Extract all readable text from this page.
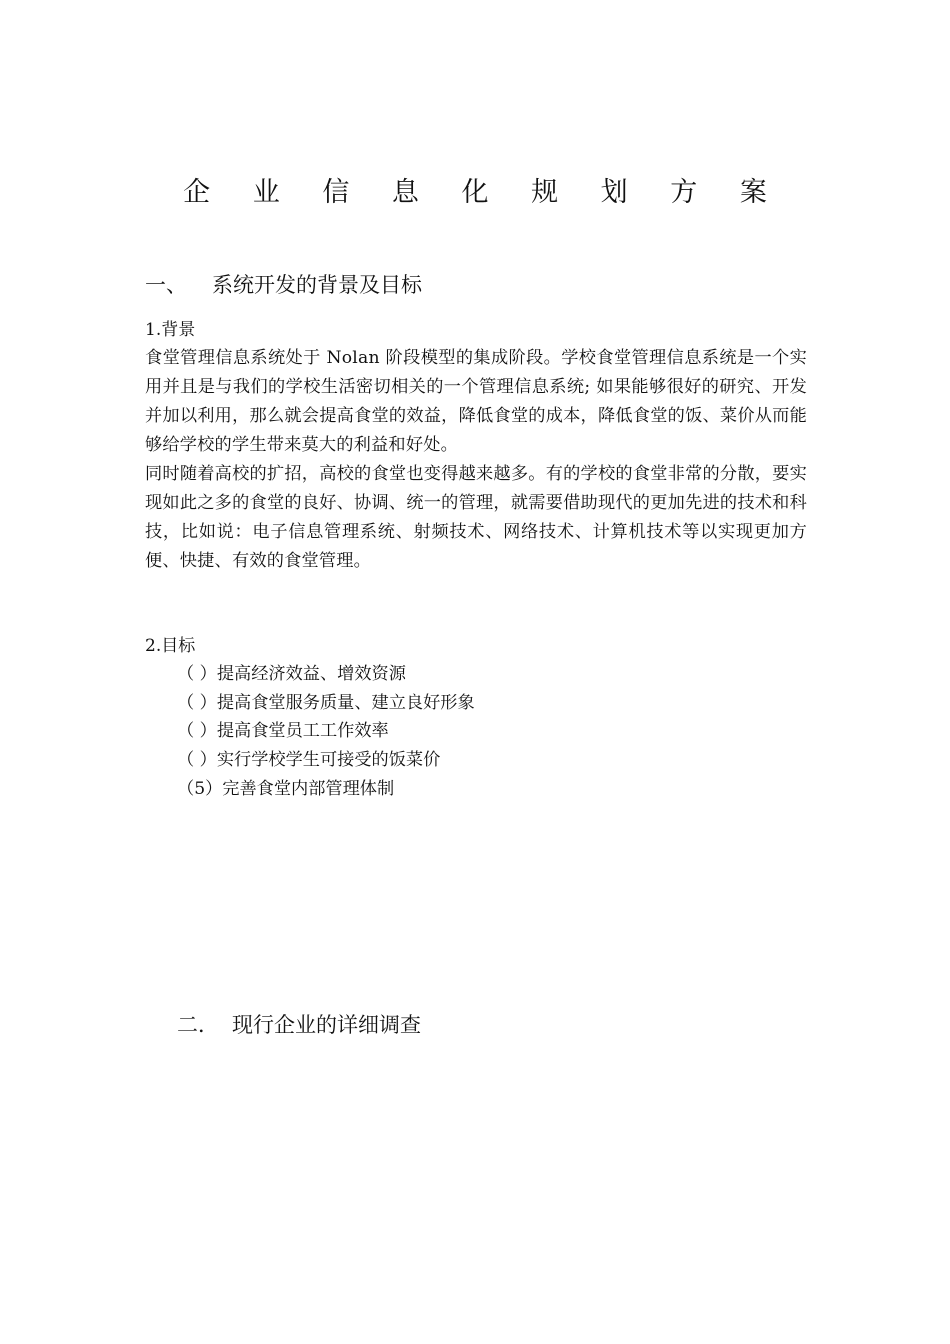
企 业 信 息 化 规 划 方 案
一、 系统开发的背景及目标
1.背景
食堂管理信息系统处于 Nolan 阶段模型的集成阶段。学校食堂管理信息系统是一个实用并且是与我们的学校生活密切相关的一个管理信息系统; 如果能够很好的研究、开发并加以利用，那么就会提高食堂的效益，降低食堂的成本，降低食堂的饭、菜价从而能够给学校的学生带来莫大的利益和好处。
同时随着高校的扩招，高校的食堂也变得越来越多。有的学校的食堂非常的分散，要实现如此之多的食堂的良好、协调、统一的管理，就需要借助现代的更加先进的技术和科技，比如说：电子信息管理系统、射频技术、网络技术、计算机技术等以实现更加方便、快捷、有效的食堂管理。
2.目标
（ ）提高经济效益、增效资源
（ ）提高食堂服务质量、建立良好形象
（ ）提高食堂员工工作效率
（ ）实行学校学生可接受的饭菜价
（5）完善食堂内部管理体制
二． 现行企业的详细调查
